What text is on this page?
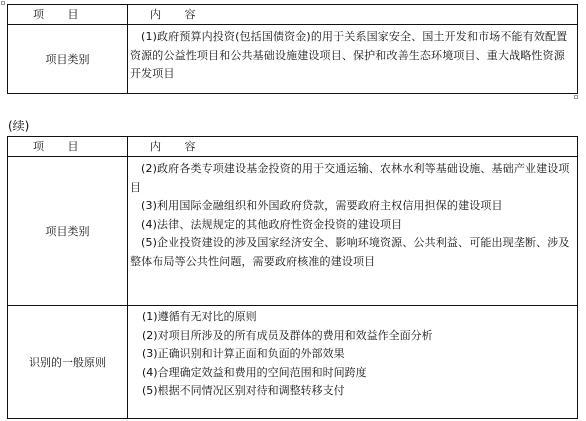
项 目	内 容
项目类别

(1)政府预算内投资(包括国债资金)的用于关系国家安全、国土开发和市场不能有效配置资源的公益性项目和公共基础设施建设项目、保护和改善生态环境项目、重大战略性资源开发项目

(续)
项 目	内 容
项目类别

(2)政府各类专项建设基金投资的用于交通运输、农林水利等基础设施、基础产业建设项目

(3)利用国际金融组织和外国政府贷款，需要政府主权信用担保的建设项目

(4)法律、法规规定的其他政府性资金投资的建设项目

(5)企业投资建设的涉及国家经济安全、影响环境资源、公共利益、可能出现垄断、涉及整体布局等公共性问题，需要政府核准的建设项目

识别的一般原则

(1)遵循有无对比的原则

(2)对项目所涉及的所有成员及群体的费用和效益作全面分析

(3)正确识别和计算正面和负面的外部效果

(4)合理确定效益和费用的空间范围和时间跨度

(5)根据不同情况区别对待和调整转移支付
